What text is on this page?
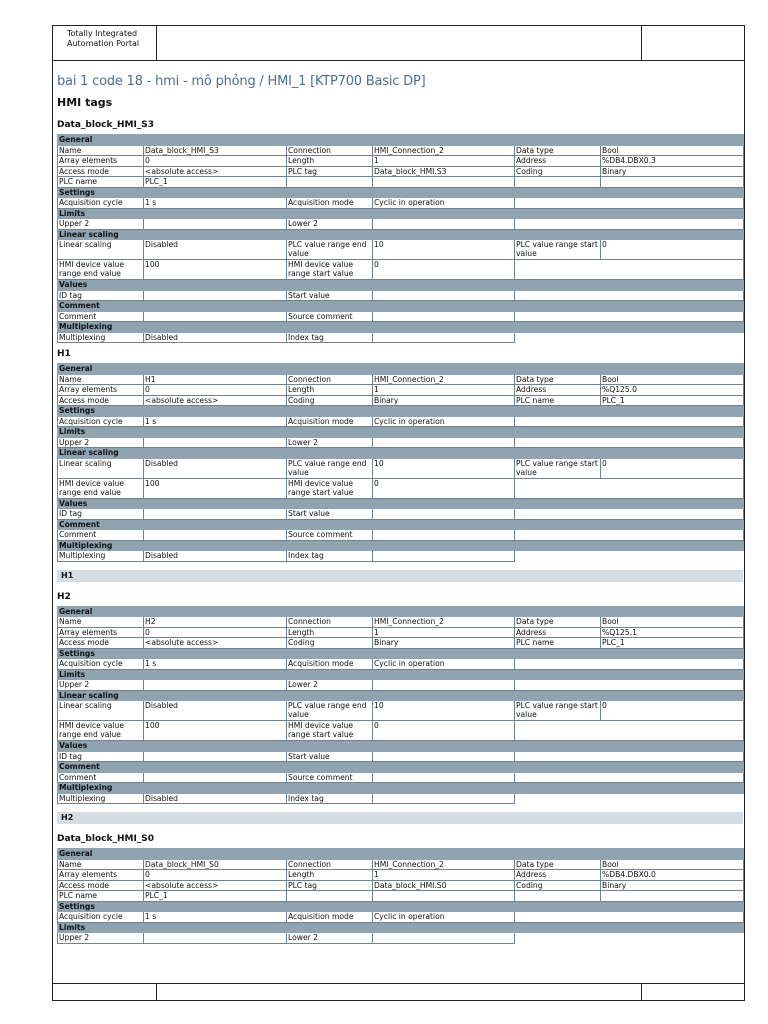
Totally Integrated
Automation Portal
bai 1 code 18 - hmi - mô phỏng / HMI_1 [KTP700 Basic DP]
HMI tags
Data_block_HMI_S3
General					
Name	Data_block_HMI_S3	Connection	HMI_Connection_2	Data type	Bool
Array elements	0	Length	1	Address	%DB4.DBX0.3
Access mode	<absolute access>	PLC tag	Data_block_HMI.S3	Coding	Binary
PLC name	PLC_1				
Settings					
Acquisition cycle	1 s	Acquisition mode	Cyclic in operation		
Limits					
Upper 2		Lower 2			
Linear scaling					
Linear scaling	Disabled	PLC value range end value	10	PLC value range start value	0
HMI device value range end value	100	HMI device value range start value	0		
Values					
ID tag		Start value			
Comment					
Comment		Source comment			
Multiplexing					
Multiplexing	Disabled	Index tag			
H1
General					
Name	H1	Connection	HMI_Connection_2	Data type	Bool
Array elements	0	Length	1	Address	%Q125.0
Access mode	<absolute access>	Coding	Binary	PLC name	PLC_1
Settings					
Acquisition cycle	1 s	Acquisition mode	Cyclic in operation		
Limits					
Upper 2		Lower 2			
Linear scaling					
Linear scaling	Disabled	PLC value range end value	10	PLC value range start value	0
HMI device value range end value	100	HMI device value range start value	0		
Values					
ID tag		Start value			
Comment					
Comment		Source comment			
Multiplexing					
Multiplexing	Disabled	Index tag			
H1
H2
General					
Name	H2	Connection	HMI_Connection_2	Data type	Bool
Array elements	0	Length	1	Address	%Q125.1
Access mode	<absolute access>	Coding	Binary	PLC name	PLC_1
Settings					
Acquisition cycle	1 s	Acquisition mode	Cyclic in operation		
Limits					
Upper 2		Lower 2			
Linear scaling					
Linear scaling	Disabled	PLC value range end value	10	PLC value range start value	0
HMI device value range end value	100	HMI device value range start value	0		
Values					
ID tag		Start value			
Comment					
Comment		Source comment			
Multiplexing					
Multiplexing	Disabled	Index tag			
H2
Data_block_HMI_S0
General					
Name	Data_block_HMI_S0	Connection	HMI_Connection_2	Data type	Bool
Array elements	0	Length	1	Address	%DB4.DBX0.0
Access mode	<absolute access>	PLC tag	Data_block_HMI.S0	Coding	Binary
PLC name	PLC_1				
Settings					
Acquisition cycle	1 s	Acquisition mode	Cyclic in operation		
Limits					
Upper 2		Lower 2			
